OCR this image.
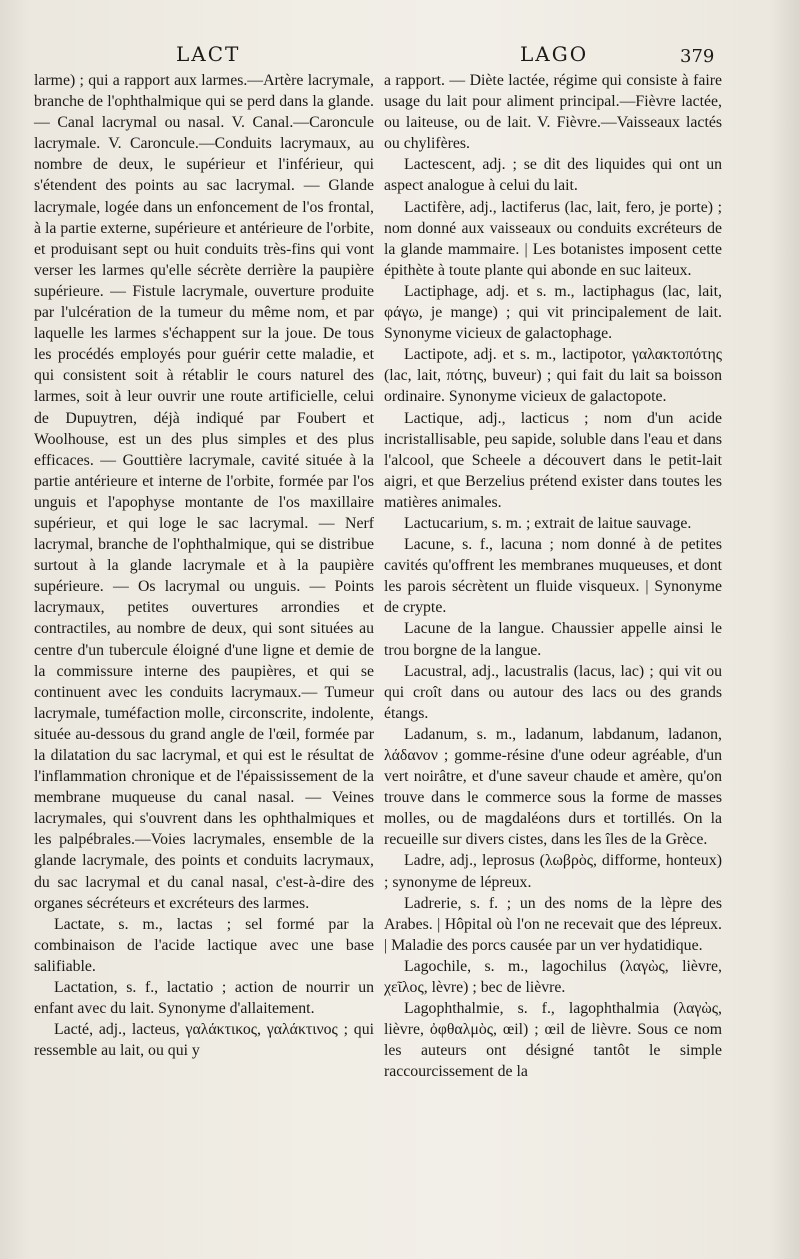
LACT	LAGO	379

larme) ; qui a rapport aux larmes.—Artère lacrymale, branche de l'ophthalmique qui se perd dans la glande. — Canal lacrymal ou nasal. V. Canal.—Caroncule lacrymale. V. Caroncule.—Conduits lacrymaux, au nombre de deux, le supérieur et l'inférieur, qui s'étendent des points au sac lacrymal. — Glande lacrymale, logée dans un enfoncement de l'os frontal, à la partie externe, supérieure et antérieure de l'orbite, et produisant sept ou huit conduits très-fins qui vont verser les larmes qu'elle sécrète derrière la paupière supérieure. — Fistule lacrymale, ouverture produite par l'ulcération de la tumeur du même nom, et par laquelle les larmes s'échappent sur la joue. De tous les procédés employés pour guérir cette maladie, et qui consistent soit à rétablir le cours naturel des larmes, soit à leur ouvrir une route artificielle, celui de Dupuytren, déjà indiqué par Foubert et Woolhouse, est un des plus simples et des plus efficaces. — Gouttière lacrymale, cavité située à la partie antérieure et interne de l'orbite, formée par l'os unguis et l'apophyse montante de l'os maxillaire supérieur, et qui loge le sac lacrymal. — Nerf lacrymal, branche de l'ophthalmique, qui se distribue surtout à la glande lacrymale et à la paupière supérieure. — Os lacrymal ou unguis. — Points lacrymaux, petites ouvertures arrondies et contractiles, au nombre de deux, qui sont situées au centre d'un tubercule éloigné d'une ligne et demie de la commissure interne des paupières, et qui se continuent avec les conduits lacrymaux.— Tumeur lacrymale, tuméfaction molle, circonscrite, indolente, située au-dessous du grand angle de l'œil, formée par la dilatation du sac lacrymal, et qui est le résultat de l'inflammation chronique et de l'épaississement de la membrane muqueuse du canal nasal. — Veines lacrymales, qui s'ouvrent dans les ophthalmiques et les palpébrales.—Voies lacrymales, ensemble de la glande lacrymale, des points et conduits lacrymaux, du sac lacrymal et du canal nasal, c'est-à-dire des organes sécréteurs et excréteurs des larmes.

Lactate, s. m., lactas ; sel formé par la combinaison de l'acide lactique avec une base salifiable.

Lactation, s. f., lactatio ; action de nourrir un enfant avec du lait. Synonyme d'allaitement.

Lacté, adj., lacteus, γαλάκτικος, γαλάκτινος ; qui ressemble au lait, ou qui y

a rapport. — Diète lactée, régime qui consiste à faire usage du lait pour aliment principal.—Fièvre lactée, ou laiteuse, ou de lait. V. Fièvre.—Vaisseaux lactés ou chylifères.

Lactescent, adj. ; se dit des liquides qui ont un aspect analogue à celui du lait.

Lactifère, adj., lactiferus (lac, lait, fero, je porte) ; nom donné aux vaisseaux ou conduits excréteurs de la glande mammaire. | Les botanistes imposent cette épithète à toute plante qui abonde en suc laiteux.

Lactiphage, adj. et s. m., lactiphagus (lac, lait, φάγω, je mange) ; qui vit principalement de lait. Synonyme vicieux de galactophage.

Lactipote, adj. et s. m., lactipotor, γαλακτοπότης (lac, lait, πότης, buveur) ; qui fait du lait sa boisson ordinaire. Synonyme vicieux de galactopote.

Lactique, adj., lacticus ; nom d'un acide incristallisable, peu sapide, soluble dans l'eau et dans l'alcool, que Scheele a découvert dans le petit-lait aigri, et que Berzelius prétend exister dans toutes les matières animales.

Lactucarium, s. m. ; extrait de laitue sauvage.

Lacune, s. f., lacuna ; nom donné à de petites cavités qu'offrent les membranes muqueuses, et dont les parois sécrètent un fluide visqueux. | Synonyme de crypte.

Lacune de la langue. Chaussier appelle ainsi le trou borgne de la langue.

Lacustral, adj., lacustralis (lacus, lac) ; qui vit ou qui croît dans ou autour des lacs ou des grands étangs.

Ladanum, s. m., ladanum, labdanum, ladanon, λάδανον ; gomme-résine d'une odeur agréable, d'un vert noirâtre, et d'une saveur chaude et amère, qu'on trouve dans le commerce sous la forme de masses molles, ou de magdaléons durs et tortillés. On la recueille sur divers cistes, dans les îles de la Grèce.

Ladre, adj., leprosus (λωβρὸς, difforme, honteux) ; synonyme de lépreux.

Ladrerie, s. f. ; un des noms de la lèpre des Arabes. | Hôpital où l'on ne recevait que des lépreux. | Maladie des porcs causée par un ver hydatidique.

Lagochile, s. m., lagochilus (λαγὼς, lièvre, χεῖλος, lèvre) ; bec de lièvre.

Lagophthalmie, s. f., lagophthalmia (λαγὼς, lièvre, ὀφθαλμὸς, œil) ; œil de lièvre. Sous ce nom les auteurs ont désigné tantôt le simple raccourcissement de la
